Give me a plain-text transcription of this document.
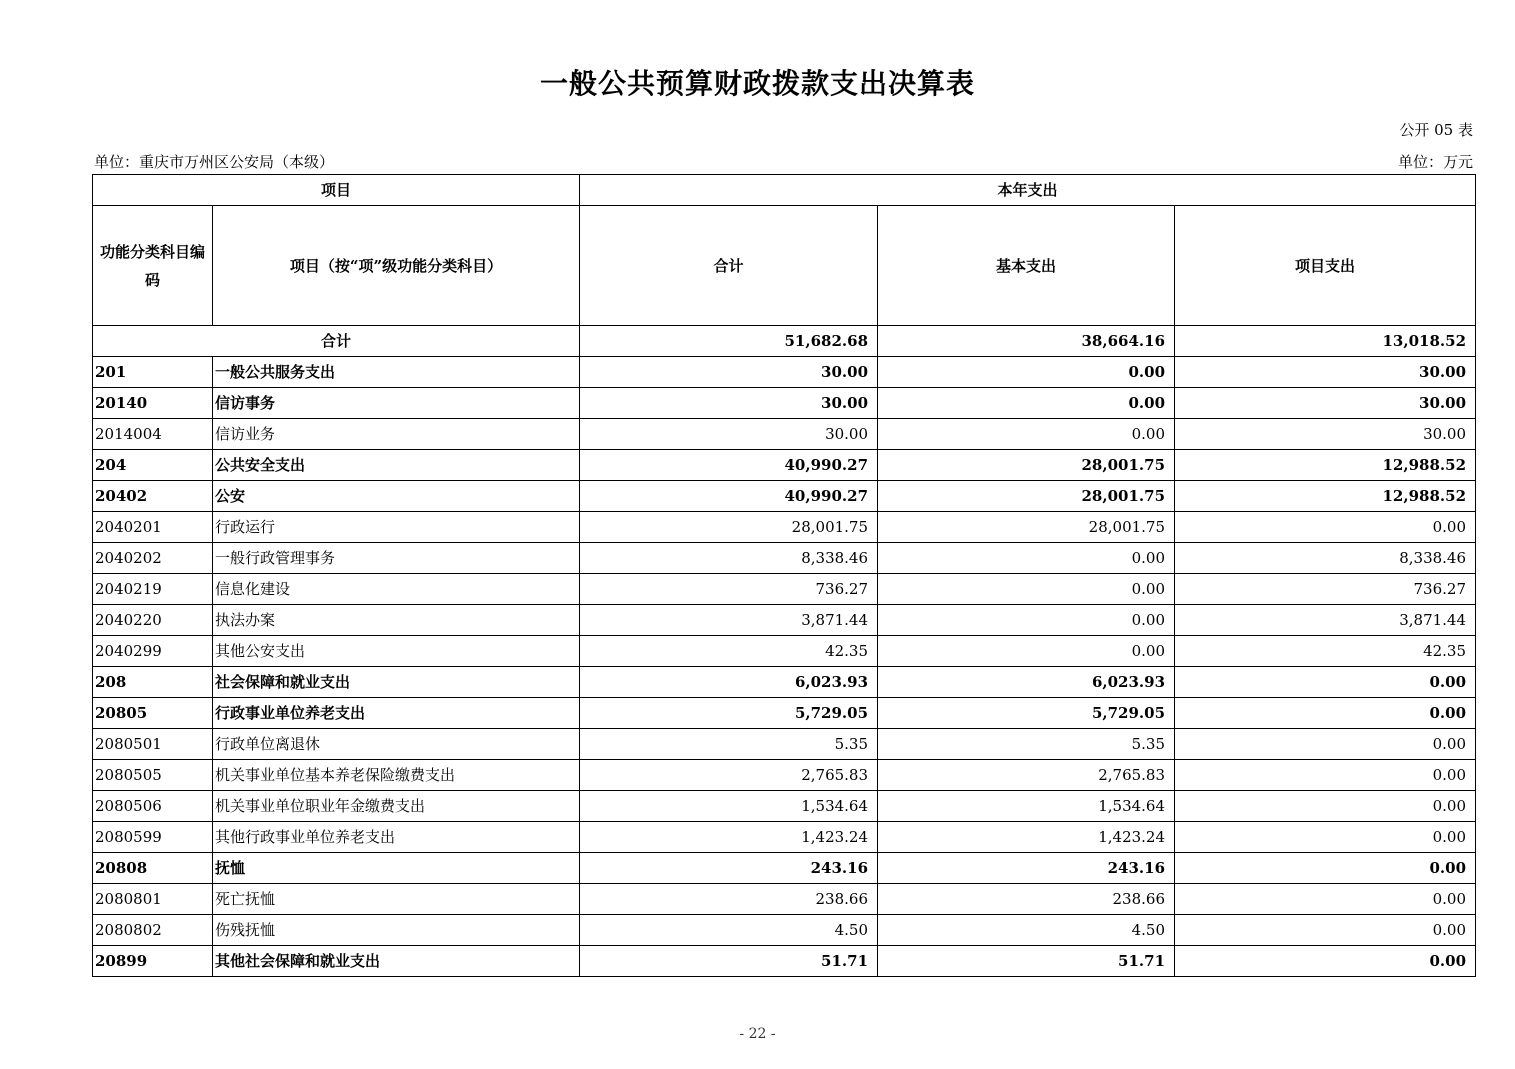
一般公共预算财政拨款支出决算表
公开 05 表
单位：重庆市万州区公安局（本级）	单位：万元
项目		本年支出		
功能分类科目编码	项目（按“项”级功能分类科目）	合计	基本支出	项目支出
合计		51,682.68	38,664.16	13,018.52
201	一般公共服务支出	30.00	0.00	30.00
20140	信访事务	30.00	0.00	30.00
2014004	信访业务	30.00	0.00	30.00
204	公共安全支出	40,990.27	28,001.75	12,988.52
20402	公安	40,990.27	28,001.75	12,988.52
2040201	行政运行	28,001.75	28,001.75	0.00
2040202	一般行政管理事务	8,338.46	0.00	8,338.46
2040219	信息化建设	736.27	0.00	736.27
2040220	执法办案	3,871.44	0.00	3,871.44
2040299	其他公安支出	42.35	0.00	42.35
208	社会保障和就业支出	6,023.93	6,023.93	0.00
20805	行政事业单位养老支出	5,729.05	5,729.05	0.00
2080501	行政单位离退休	5.35	5.35	0.00
2080505	机关事业单位基本养老保险缴费支出	2,765.83	2,765.83	0.00
2080506	机关事业单位职业年金缴费支出	1,534.64	1,534.64	0.00
2080599	其他行政事业单位养老支出	1,423.24	1,423.24	0.00
20808	抚恤	243.16	243.16	0.00
2080801	死亡抚恤	238.66	238.66	0.00
2080802	伤残抚恤	4.50	4.50	0.00
20899	其他社会保障和就业支出	51.71	51.71	0.00
- 22 -
